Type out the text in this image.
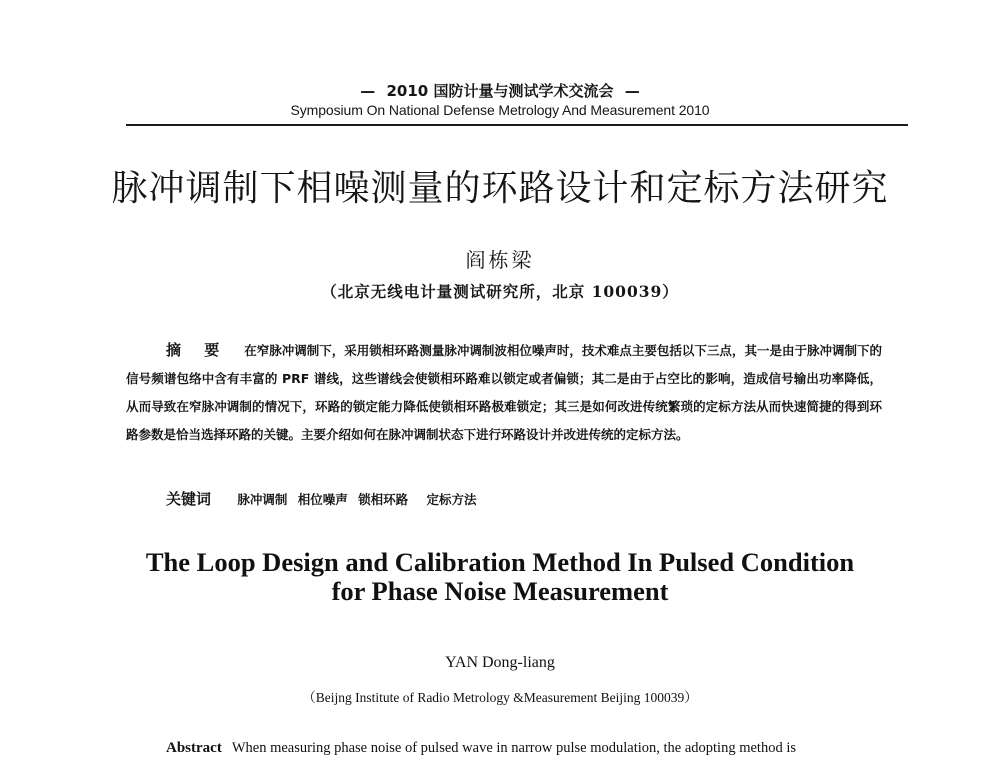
— 2010 国防计量与测试学术交流会 —
Symposium On National Defense Metrology And Measurement 2010
脉冲调制下相噪测量的环路设计和定标方法研究
阎栋梁
（北京无线电计量测试研究所，北京 100039）
摘 要 在窄脉冲调制下，采用锁相环路测量脉冲调制波相位噪声时，技术难点主要包括以下三点，其一是由于脉冲调制下的信号频谱包络中含有丰富的 PRF 谱线，这些谱线会使锁相环路难以锁定或者偏锁；其二是由于占空比的影响，造成信号输出功率降低，从而导致在窄脉冲调制的情况下，环路的锁定能力降低使锁相环路极难锁定；其三是如何改进传统繁琐的定标方法从而快速简捷的得到环路参数是恰当选择环路的关键。主要介绍如何在脉冲调制状态下进行环路设计并改进传统的定标方法。
关键词 脉冲调制 相位噪声 锁相环路 定标方法
The Loop Design and Calibration Method In Pulsed Condition
for Phase Noise Measurement
YAN Dong-liang
（Beijng Institute of Radio Metrology &Measurement Beijing 100039）
Abstract When measuring phase noise of pulsed wave in narrow pulse modulation, the adopting method is
